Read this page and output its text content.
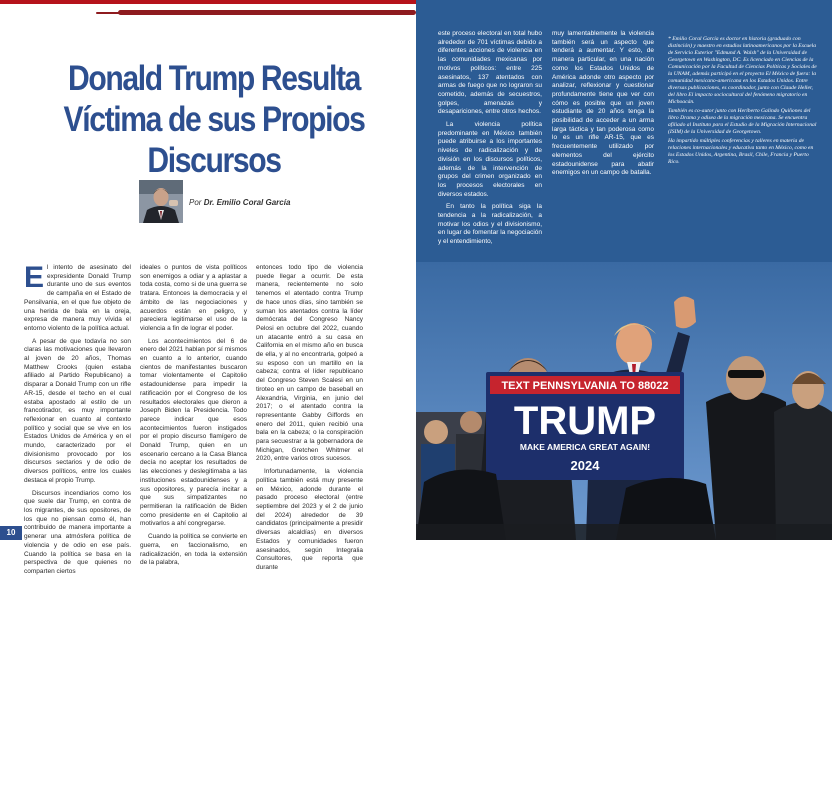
Donald Trump Resulta Víctima de sus Propios Discursos
Por Dr. Emilio Coral García

El intento de asesinato del expresidente Donald Trump durante uno de sus eventos de campaña en el Estado de Pensilvania, en el que fue objeto de una herida de bala en la oreja, expresa de manera muy vívida el entorno violento de la política actual.

A pesar de que todavía no son claras las motivaciones que llevaron al joven de 20 años, Thomas Matthew Crooks (quien estaba afiliado al Partido Republicano) a disparar a Donald Trump con un rifle AR-15, desde el techo en el cual estaba apostado al estilo de un francotirador, es muy importante reflexionar en cuanto al contexto político y social que se vive en los Estados Unidos de América y en el mundo, caracterizado por el divisionismo provocado por los discursos sectarios y de odio de diversos políticos, entre los cuales destaca el propio Trump.

Discursos incendiarios como los que suele dar Trump, en contra de los migrantes, de sus opositores, de los que no piensan como él, han contribuido de manera importante a generar una atmósfera política de violencia y de odio en ese país. Cuando la política se basa en la perspectiva de que quienes no comparten ciertos

ideales o puntos de vista políticos son enemigos a odiar y a aplastar a toda costa, como si de una guerra se tratara. Entonces la democracia y el ámbito de las negociaciones y acuerdos están en peligro, y pareciera legitimarse el uso de la violencia a fin de lograr el poder.

Los acontecimientos del 6 de enero del 2021 hablan por sí mismos en cuanto a lo anterior, cuando cientos de manifestantes buscaron tomar violentamente el Capitolio estadounidense para impedir la ratificación por el Congreso de los resultados electorales que dieron a Joseph Biden la Presidencia. Todo parece indicar que esos acontecimientos fueron instigados por el propio discurso flamígero de Donald Trump, quien en un escenario cercano a la Casa Blanca decía no aceptar los resultados de las elecciones y deslegitimaba a las instituciones estadounidenses y a sus opositores, y parecía incitar a que sus simpatizantes no permitieran la ratificación de Biden como presidente en el Capitolio al motivarlos a ahí congregarse.

Cuando la política se convierte en guerra, en faccionalismo, en radicalización, en toda la extensión de la palabra,

entonces todo tipo de violencia puede llegar a ocurrir. De esta manera, recientemente no solo tenemos el atentado contra Trump de hace unos días, sino también se suman los atentados contra la líder demócrata del Congreso Nancy Pelosi en octubre del 2022, cuando un atacante entró a su casa en California en el mismo año en busca de ella, y al no encontrarla, golpeó a su esposo con un martillo en la cabeza; contra el líder republicano del Congreso Steven Scalesi en un tiroteo en un campo de baseball en Alexandria, Virginia, en junio del 2017; o el atentado contra la representante Gabby Giffords en enero del 2011, quien recibió una bala en la cabeza; o la conspiración para secuestrar a la gobernadora de Michigan, Gretchen Whitmer el 2020, entre varios otros sucesos.

Infortunadamente, la violencia política también está muy presente en México, adonde durante el pasado proceso electoral (entre septiembre del 2023 y el 2 de junio del 2024) alrededor de 39 candidatos (principalmente a presidir diversas alcaldías) en diversos Estados y comunidades fueron asesinados, según Integralia Consultores, que reporta que durante

10

este proceso electoral en total hubo alrededor de 701 víctimas debido a diferentes acciones de violencia en las comunidades mexicanas por motivos políticos: entre 225 asesinatos, 137 atentados con armas de fuego que no lograron su cometido, además de secuestros, golpes, amenazas y desapariciones, entre otros hechos.

La violencia política predominante en México también puede atribuirse a los importantes niveles de radicalización y de división en los discursos políticos, además de la intervención de grupos del crimen organizado en los procesos electorales en diversos estados.

En tanto la política siga la tendencia a la radicalización, a motivar los odios y el divisionismo, en lugar de fomentar la negociación y el entendimiento,

muy lamentablemente la violencia también será un aspecto que tenderá a aumentar. Y esto, de manera particular, en una nación como los Estados Unidos de América adonde otro aspecto por analizar, reflexionar y cuestionar profundamente tiene que ver con cómo es posible que un joven estudiante de 20 años tenga la posibilidad de acceder a un arma larga táctica y tan poderosa como lo es un rifle AR-15, que es frecuentemente utilizado por elementos del ejército estadounidense para abatir enemigos en un campo de batalla.

* Emilio Coral García es doctor en historia (graduado con distinción) y maestro en estudios latinoamericanos por la Escuela de Servicio Exterior "Edmund A. Walsh" de la Universidad de Georgetown en Washington, DC. Es licenciado en Ciencias de la Comunicación por la Facultad de Ciencias Políticas y Sociales de la UNAM, además participó en el proyecto El México de fuera: la comunidad mexicano-americana en los Estados Unidos. Entre diversas publicaciones, es coordinador, junto con Claude Heller, del libro El impacto sociocultural del fenómeno migratorio en Michoacán.

También es co-autor junto con Heriberto Galindo Quiñones del libro Drama y odisea de la migración mexicana. Se encuentra afiliado al Instituto para el Estudio de la Migración Internacional (ISIM) de la Universidad de Georgetown.

Ha impartido múltiples conferencias y talleres en materia de relaciones internacionales y educativa tanto en México, como en los Estados Unidos, Argentina, Brasil, Chile, Francia y Puerto Rico.

TEXT PENNSYLVANIA TO 88022
TRUMP
MAKE AMERICA GREAT AGAIN!
2024
Donald Trump es evacuado de un mitin en Pensilvania por agentes del Servicio Secreto tras el atentado en su contra.
